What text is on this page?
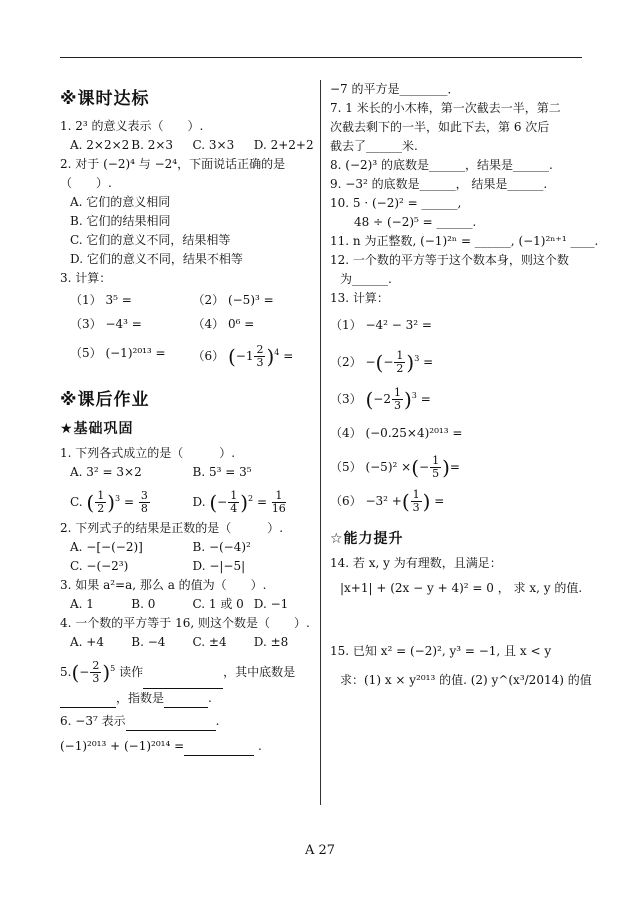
※课时达标
1. 2³ 的意义表示（　　）.
A. 2×2×2 B. 2×3	C. 3×3	D. 2+2+2
2. 对于 (−2)⁴ 与 −2⁴，下面说话正确的是
（　　）.
A. 它们的意义相同
B. 它们的结果相同
C. 它们的意义不同，结果相等
D. 它们的意义不同，结果不相等
3. 计算：
（1） 3⁵ =	（2） (−5)³ =
（3） −4³ =	（4） 0⁶ =
（5） (−1)²⁰¹³ =	（6） $(-1 \frac{2}{3} )^4$ =
※课后作业
★基础巩固
1. 下列各式成立的是（　　　）.
A. 3² = 3×2	B. 5³ = 3⁵
C. ( $\frac{1}{2} )^3 = \frac{3}{8}$	D. (− $\frac{1}{4} )^2 = \frac{1}{16}$
2. 下列式子的结果是正数的是（　　　）.
A. −[−(−2)]	B. −(−4)²
C. −(−2³)	D. −|−5|
3. 如果 a²=a, 那么 a 的值为（　　）.
A. 1	B. 0	C. 1 或 0 D. −1
4. 一个数的平方等于 16, 则这个数是（　　）.
A. +4	B. −4	C. ±4	D. ±8
$5.(- \frac{2}{3} )^5$ 读作	，其中底数是
，指数是	.
6. −3⁷ 表示	.
(−1)²⁰¹³ + (−1)²⁰¹⁴ =	.
−7 的平方是________．
7. 1 米长的小木棒，第一次截去一半，第二
次截去剩下的一半，如此下去，第 6 次后
截去了______米.
8. (−2)³ 的底数是______，结果是______.
9. −3² 的底数是______， 结果是______.
10. 5 · (−2)² = ______,
48 ÷ (−2)⁵ = ______.
11. n 为正整数, (−1)²ⁿ = ______, (−1)²ⁿ⁺¹ ____.
12. 一个数的平方等于这个数本身，则这个数
为______.
13. 计算：
（1） −4² − 3² =
（2） −(− $\frac{1}{2} )^3$ =
（3） $(-2 \frac{1}{3} )^3$ =
（4） (−0.25×4)²⁰¹³ =
（5） (−5)² ×(− $\frac{1}{5}$ )=
（6） −3² +( $\frac{1}{3}$ ) =
☆能力提升
14. 若 x, y 为有理数，且满足：
|x+1| + (2x − y + 4)² = 0 ， 求 x, y 的值.
15. 已知 x² = (−2)², y³ = −1, 且 x < y
求：(1) x × y²⁰¹³ 的值. (2) y^(x³/2014) 的值
A 27
